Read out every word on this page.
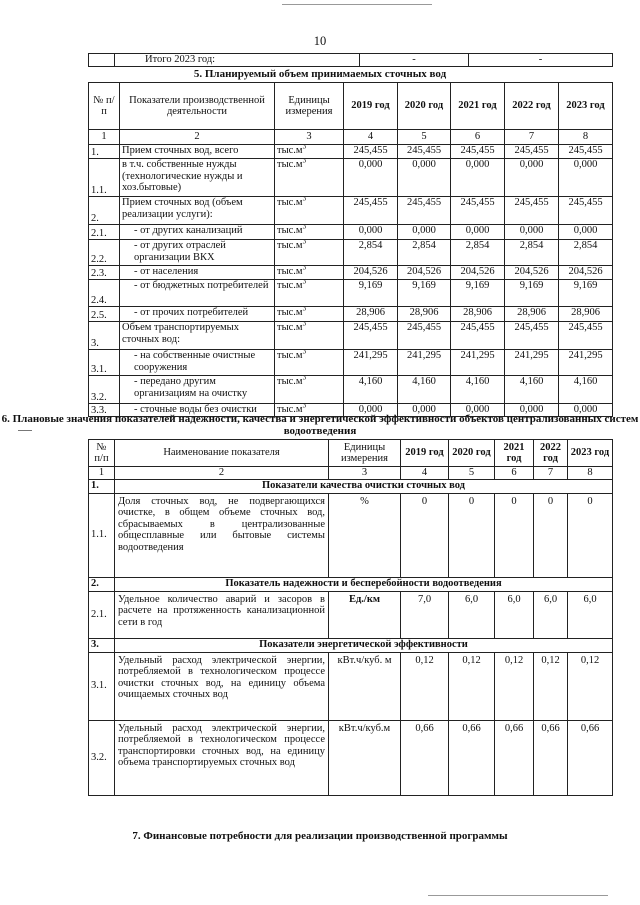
10
	Итого 2023 год:	-	-
5. Планируемый объем принимаемых сточных вод
№ п/п	Показатели производственной деятельности	Единицы измерения	2019 год	2020 год	2021 год	2022 год	2023 год
1	2	3	4	5	6	7	8
1.	Прием сточных вод, всего	$тыс.м^3$	245,455	245,455	245,455	245,455	245,455
1.1.	в т.ч. собственные нужды (технологические нужды и хоз.бытовые)	$тыс.м^3$	0,000	0,000	0,000	0,000	0,000
2.	Прием сточных вод (объем реализации услуги):	$тыс.м^3$	245,455	245,455	245,455	245,455	245,455
2.1.	- от других канализаций	$тыс.м^3$	0,000	0,000	0,000	0,000	0,000
2.2.	- от других отраслей организации ВКХ	$тыс.м^3$	2,854	2,854	2,854	2,854	2,854
2.3.	- от населения	$тыс.м^3$	204,526	204,526	204,526	204,526	204,526
2.4.	- от бюджетных потребителей	$тыс.м^3$	9,169	9,169	9,169	9,169	9,169
2.5.	- от прочих потребителей	$тыс.м^3$	28,906	28,906	28,906	28,906	28,906
3.	Объем транспортируемых сточных вод:	$тыс.м^3$	245,455	245,455	245,455	245,455	245,455
3.1.	- на собственные очистные сооружения	$тыс.м^3$	241,295	241,295	241,295	241,295	241,295
3.2.	- передано другим организациям на очистку	$тыс.м^3$	4,160	4,160	4,160	4,160	4,160
3.3.	- сточные воды без очистки	$тыс.м^3$	0,000	0,000	0,000	0,000	0,000
6. Плановые значения показателей надежности, качества и энергетической эффективности объектов централизованных систем водоотведения
№ п/п	Наименование показателя	Единицы измерения	2019 год	2020 год	2021 год	2022 год	2023 год
1	2	3	4	5	6	7	8
1.	Показатели качества очистки сточных вод						
1.1.	Доля сточных вод, не подвергающихся очистке, в общем объеме сточных вод, сбрасываемых в централизованные общесплавные или бытовые системы водоотведения	%	0	0	0	0	0
2.	Показатель надежности и бесперебойности водоотведения						
2.1.	Удельное количество аварий и засоров в расчете на протяженность канализационной сети в год	Ед./км	7,0	6,0	6,0	6,0	6,0
3.	Показатели энергетической эффективности						
3.1.	Удельный расход электрической энергии, потребляемой в технологическом процессе очистки сточных вод, на единицу объема очищаемых сточных вод	кВт.ч/куб. м	0,12	0,12	0,12	0,12	0,12
3.2.	Удельный расход электрической энергии, потребляемой в технологическом процессе транспортировки сточных вод, на единицу объема транспортируемых сточных вод	кВт.ч/куб.м	0,66	0,66	0,66	0,66	0,66
7. Финансовые потребности для реализации производственной программы
